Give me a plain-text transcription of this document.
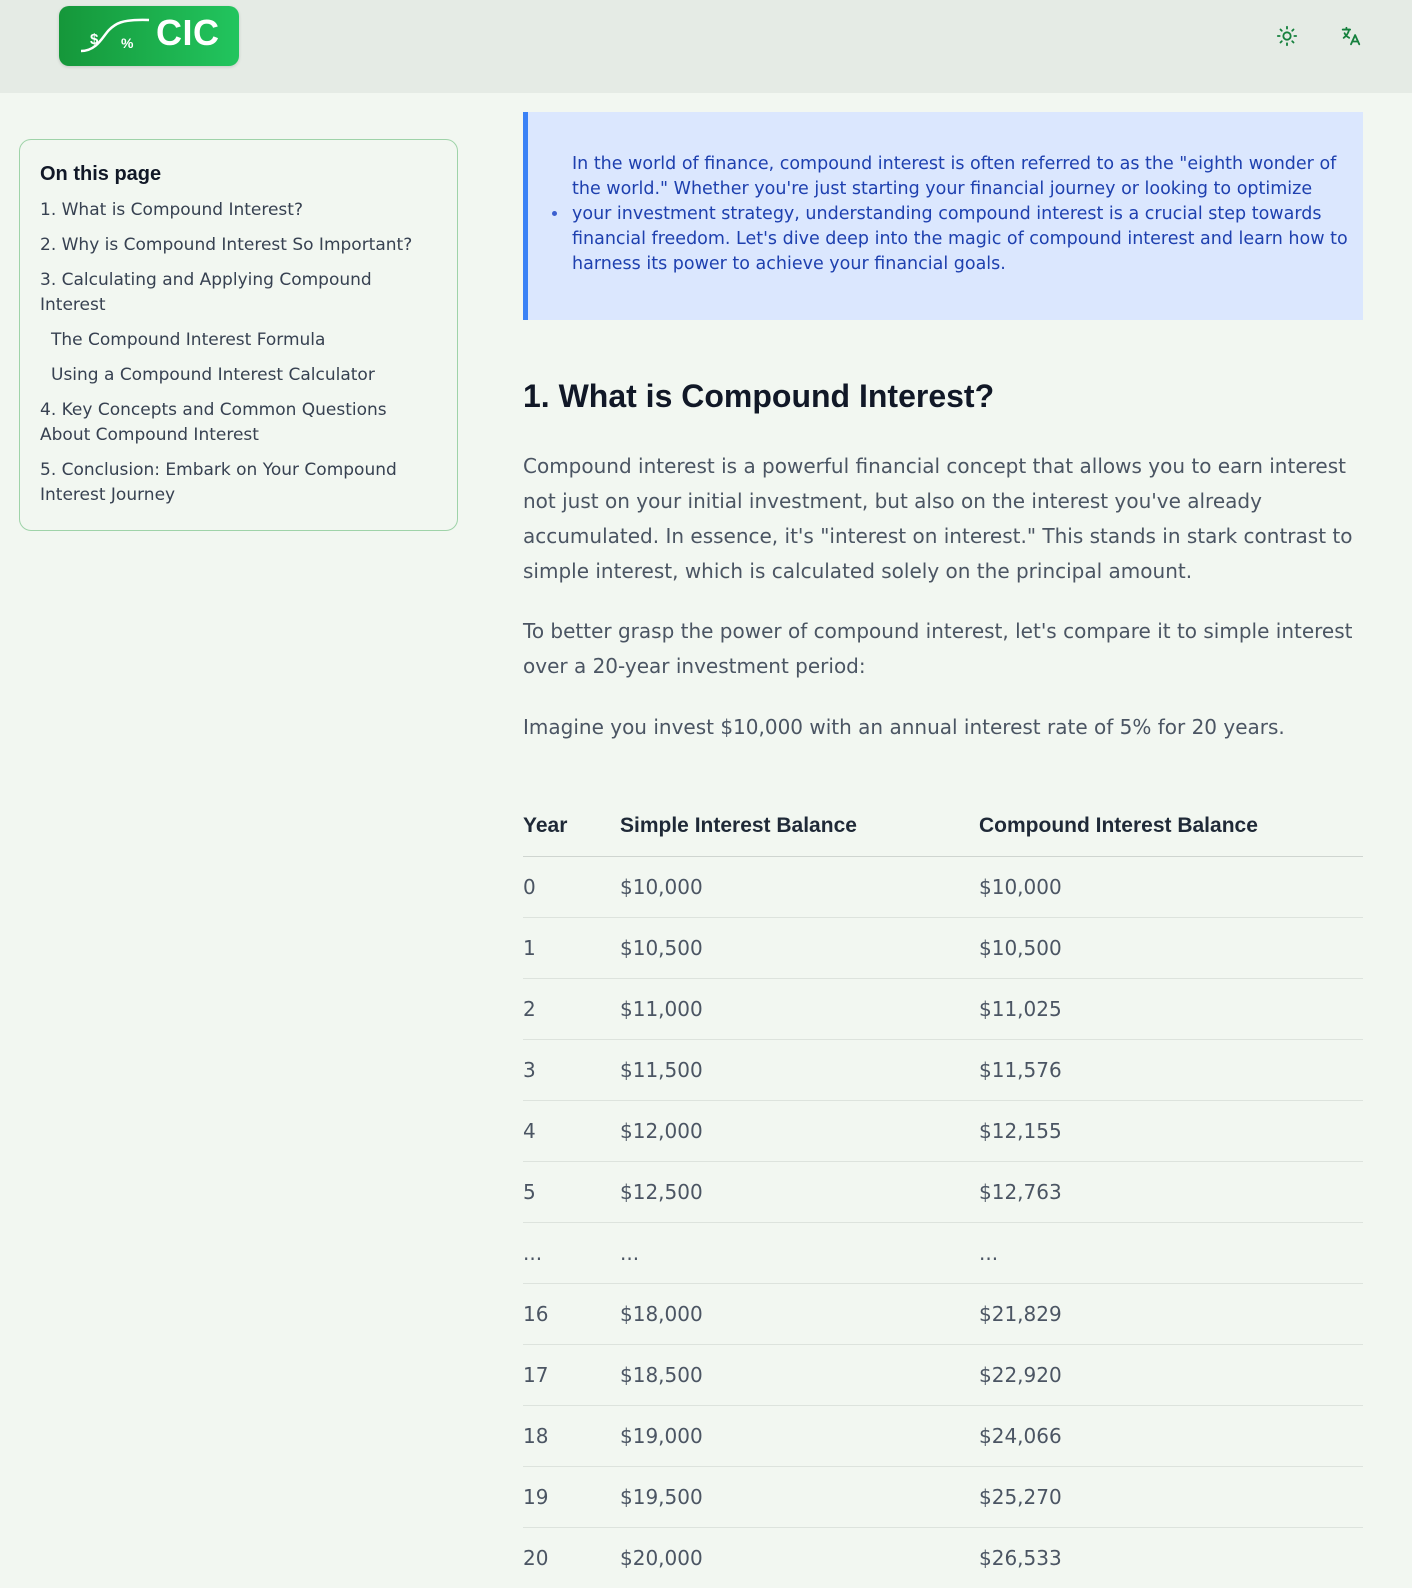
$ % CIC
On this page
1. What is Compound Interest?
2. Why is Compound Interest So Important?
3. Calculating and Applying Compound Interest
The Compound Interest Formula
Using a Compound Interest Calculator
4. Key Concepts and Common Questions About Compound Interest
5. Conclusion: Embark on Your Compound Interest Journey

In the world of finance, compound interest is often referred to as the "eighth wonder of the world." Whether you're just starting your financial journey or looking to optimize your investment strategy, understanding compound interest is a crucial step towards financial freedom. Let's dive deep into the magic of compound interest and learn how to harness its power to achieve your financial goals.

1. What is Compound Interest?

Compound interest is a powerful financial concept that allows you to earn interest not just on your initial investment, but also on the interest you've already accumulated. In essence, it's "interest on interest." This stands in stark contrast to simple interest, which is calculated solely on the principal amount.

To better grasp the power of compound interest, let's compare it to simple interest over a 20-year investment period:

Imagine you invest $10,000 with an annual interest rate of 5% for 20 years.

Year	Simple Interest Balance	Compound Interest Balance
0	$10,000	$10,000
1	$10,500	$10,500
2	$11,000	$11,025
3	$11,500	$11,576
4	$12,000	$12,155
5	$12,500	$12,763
...	...	...
16	$18,000	$21,829
17	$18,500	$22,920
18	$19,000	$24,066
19	$19,500	$25,270
20	$20,000	$26,533
